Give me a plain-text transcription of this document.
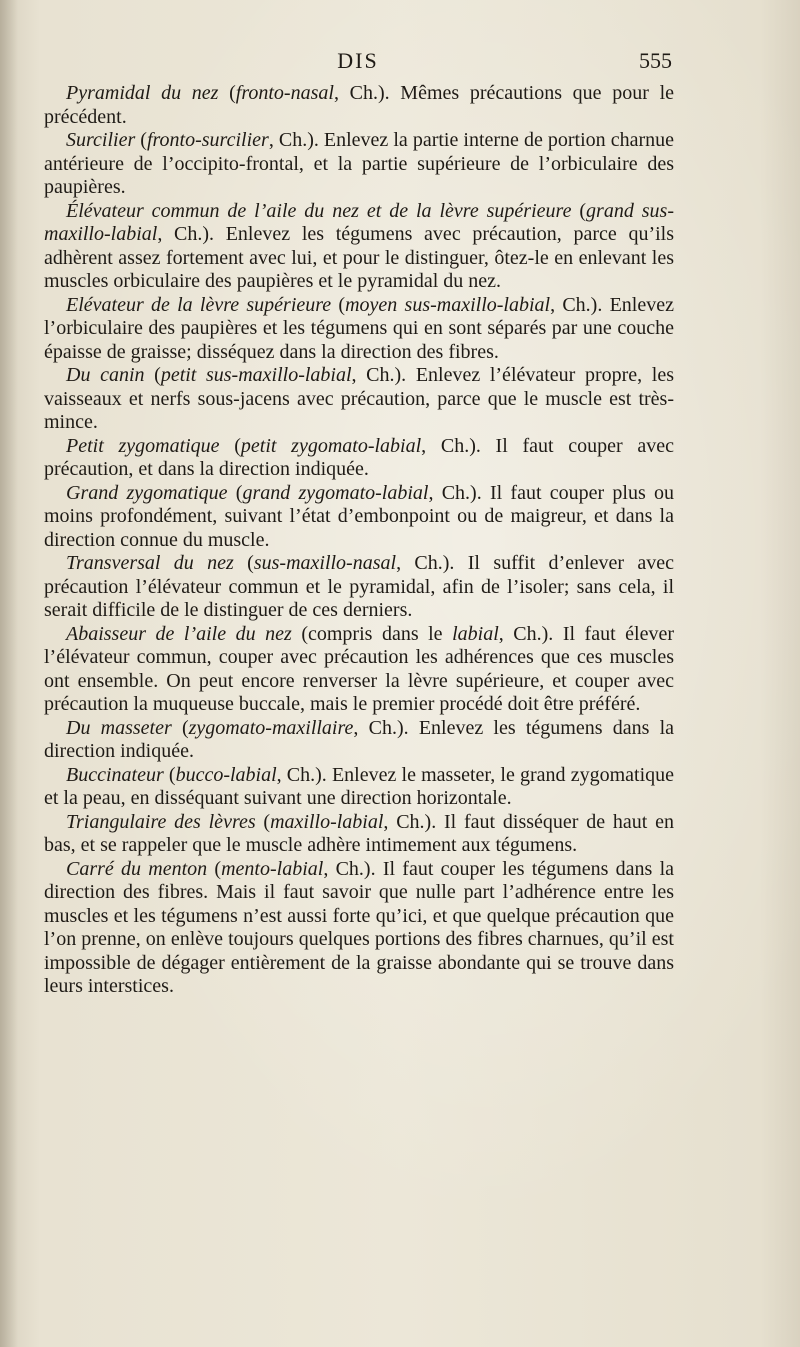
DIS	555

Pyramidal du nez (fronto-nasal, Ch.). Mêmes précautions que pour le précédent.

Surcilier (fronto-surcilier, Ch.). Enlevez la partie interne de portion charnue antérieure de l’occipito-frontal, et la partie supérieure de l’orbiculaire des paupières.

Élévateur commun de l’aile du nez et de la lèvre supérieure (grand sus-maxillo-labial, Ch.). Enlevez les tégumens avec précaution, parce qu’ils adhèrent assez fortement avec lui, et pour le distinguer, ôtez-le en enlevant les muscles orbiculaire des paupières et le pyramidal du nez.

Elévateur de la lèvre supérieure (moyen sus-maxillo-labial, Ch.). Enlevez l’orbiculaire des paupières et les tégumens qui en sont séparés par une couche épaisse de graisse; disséquez dans la direction des fibres.

Du canin (petit sus-maxillo-labial, Ch.). Enlevez l’élévateur propre, les vaisseaux et nerfs sous-jacens avec précaution, parce que le muscle est très-mince.

Petit zygomatique (petit zygomato-labial, Ch.). Il faut couper avec précaution, et dans la direction indiquée.

Grand zygomatique (grand zygomato-labial, Ch.). Il faut couper plus ou moins profondément, suivant l’état d’embonpoint ou de maigreur, et dans la direction connue du muscle.

Transversal du nez (sus-maxillo-nasal, Ch.). Il suffit d’enlever avec précaution l’élévateur commun et le pyramidal, afin de l’isoler; sans cela, il serait difficile de le distinguer de ces derniers.

Abaisseur de l’aile du nez (compris dans le labial, Ch.). Il faut élever l’élévateur commun, couper avec précaution les adhérences que ces muscles ont ensemble. On peut encore renverser la lèvre supérieure, et couper avec précaution la muqueuse buccale, mais le premier procédé doit être préféré.

Du masseter (zygomato-maxillaire, Ch.). Enlevez les tégumens dans la direction indiquée.

Buccinateur (bucco-labial, Ch.). Enlevez le masseter, le grand zygomatique et la peau, en disséquant suivant une direction horizontale.

Triangulaire des lèvres (maxillo-labial, Ch.). Il faut disséquer de haut en bas, et se rappeler que le muscle adhère intimement aux tégumens.

Carré du menton (mento-labial, Ch.). Il faut couper les tégumens dans la direction des fibres. Mais il faut savoir que nulle part l’adhérence entre les muscles et les tégumens n’est aussi forte qu’ici, et que quelque précaution que l’on prenne, on enlève toujours quelques portions des fibres charnues, qu’il est impossible de dégager entièrement de la graisse abondante qui se trouve dans leurs interstices.
